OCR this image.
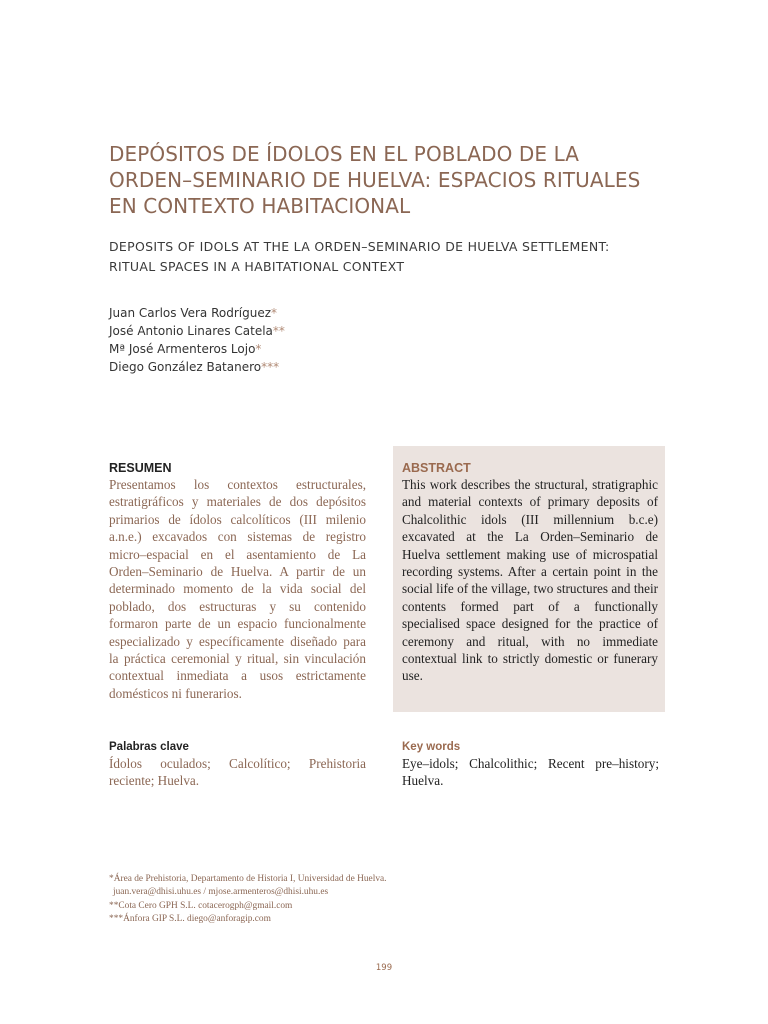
DEPÓSITOS DE ÍDOLOS EN EL POBLADO DE LA
ORDEN–SEMINARIO DE HUELVA: ESPACIOS RITUALES
EN CONTEXTO HABITACIONAL
DEPOSITS OF IDOLS AT THE LA ORDEN–SEMINARIO DE HUELVA SETTLEMENT:
RITUAL SPACES IN A HABITATIONAL CONTEXT
Juan Carlos Vera Rodríguez*
José Antonio Linares Catela**
Mª José Armenteros Lojo*
Diego González Batanero***
RESUMEN

Presentamos los contextos estructurales, estratigráficos y materiales de dos depósitos primarios de ídolos calcolíticos (III milenio a.n.e.) excavados con sistemas de registro micro–espacial en el asentamiento de La Orden–Seminario de Huelva. A partir de un determinado momento de la vida social del poblado, dos estructuras y su contenido formaron parte de un espacio funcionalmente especializado y específicamente diseñado para la práctica ceremonial y ritual, sin vinculación contextual inmediata a usos estrictamente domésticos ni funerarios.

ABSTRACT

This work describes the structural, stratigraphic and material contexts of primary deposits of Chalcolithic idols (III millennium b.c.e) excavated at the La Orden–Seminario de Huelva settlement making use of microspatial recording systems. After a certain point in the social life of the village, two structures and their contents formed part of a functionally specialised space designed for the practice of ceremony and ritual, with no immediate contextual link to strictly domestic or funerary use.

Palabras clave

Ídolos oculados; Calcolítico; Prehistoria reciente; Huelva.

Key words

Eye–idols; Chalcolithic; Recent pre–history; Huelva.

*Área de Prehistoria, Departamento de Historia I, Universidad de Huelva.
juan.vera@dhisi.uhu.es / mjose.armenteros@dhisi.uhu.es
**Cota Cero GPH S.L. cotacerogph@gmail.com
***Ánfora GIP S.L. diego@anforagip.com
199
